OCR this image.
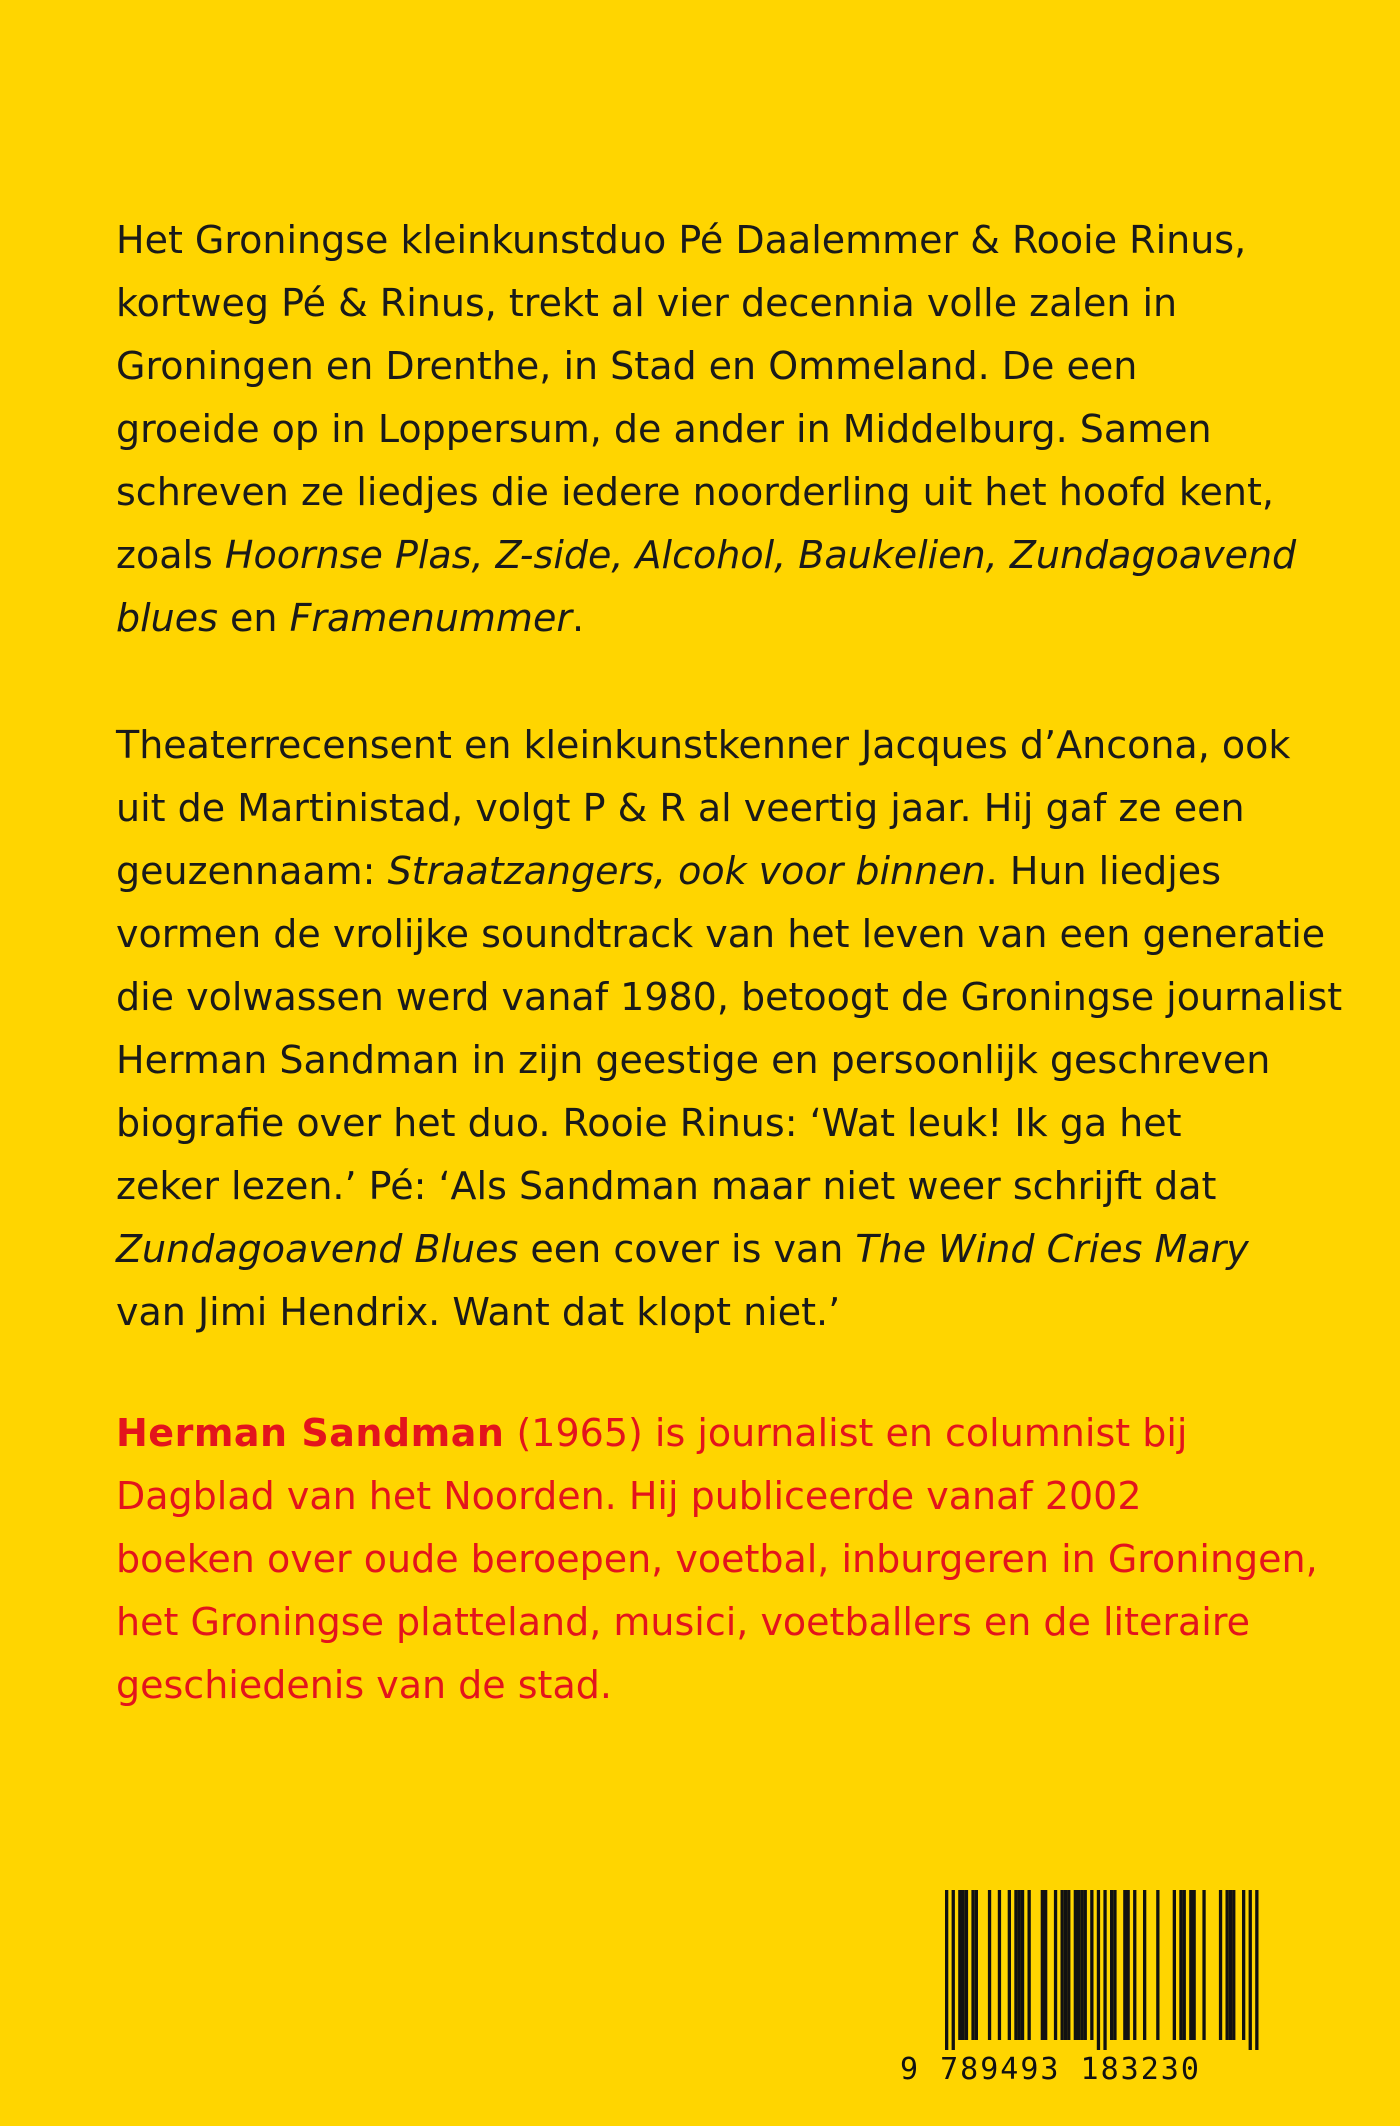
Het Groningse kleinkunstduo Pé Daalemmer & Rooie Rinus,
kortweg Pé & Rinus, trekt al vier decennia volle zalen in
Groningen en Drenthe, in Stad en Ommeland. De een
groeide op in Loppersum, de ander in Middelburg. Samen
schreven ze liedjes die iedere noorderling uit het hoofd kent,
zoals Hoornse Plas, Z-side, Alcohol, Baukelien, Zundagoavend
blues en Framenummer.

Theaterrecensent en kleinkunstkenner Jacques d’Ancona, ook
uit de Martinistad, volgt P & R al veertig jaar. Hij gaf ze een
geuzennaam: Straatzangers, ook voor binnen. Hun liedjes
vormen de vrolijke soundtrack van het leven van een generatie
die volwassen werd vanaf 1980, betoogt de Groningse journalist
Herman Sandman in zijn geestige en persoonlijk geschreven
biografie over het duo. Rooie Rinus: ‘Wat leuk! Ik ga het
zeker lezen.’ Pé: ‘Als Sandman maar niet weer schrijft dat
Zundagoavend Blues een cover is van The Wind Cries Mary
van Jimi Hendrix. Want dat klopt niet.’

Herman Sandman (1965) is journalist en columnist bij
Dagblad van het Noorden. Hij publiceerde vanaf 2002
boeken over oude beroepen, voetbal, inburgeren in Groningen,
het Groningse platteland, musici, voetballers en de literaire
geschiedenis van de stad.

9 789493 183230
